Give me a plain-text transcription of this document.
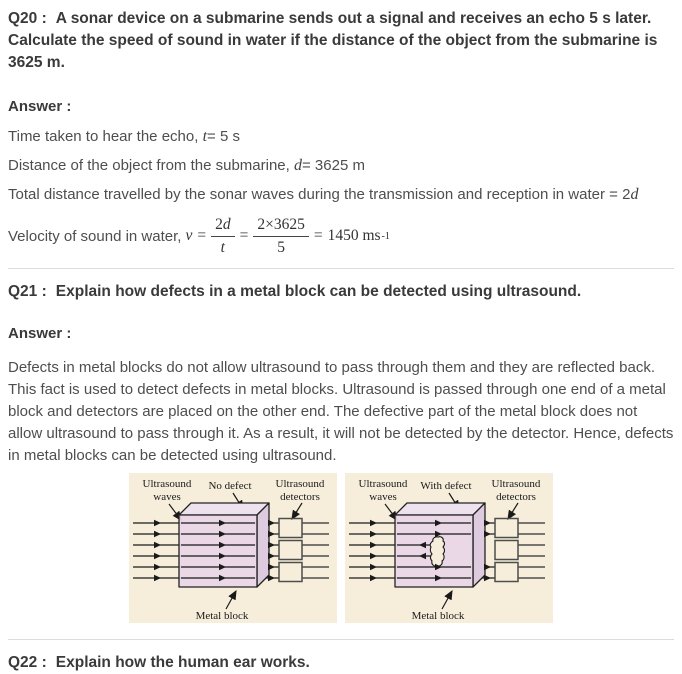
Q20 : A sonar device on a submarine sends out a signal and receives an echo 5 s later. Calculate the speed of sound in water if the distance of the object from the submarine is 3625 m.

Answer :

Time taken to hear the echo, t= 5 s

Distance of the object from the submarine, d= 3625 m

Total distance travelled by the sonar waves during the transmission and reception in water = 2d

Velocity of sound in water, $v = \frac{2d}{t} = \frac{2\times 3625}{5} = 1450$ ms -1

Q21 : Explain how defects in a metal block can be detected using ultrasound.

Answer :

Defects in metal blocks do not allow ultrasound to pass through them and they are reflected back. This fact is used to detect defects in metal blocks. Ultrasound is passed through one end of a metal block and detectors are placed on the other end. The defective part of the metal block does not allow ultrasound to pass through it. As a result, it will not be detected by the detector. Hence, defects in metal blocks can be detected using ultrasound.

Ultrasound
waves
No defect Ultrasound
detectors
Metal block
Ultrasound
waves
With defect Ultrasound
detectors
Metal block

Q22 : Explain how the human ear works.
